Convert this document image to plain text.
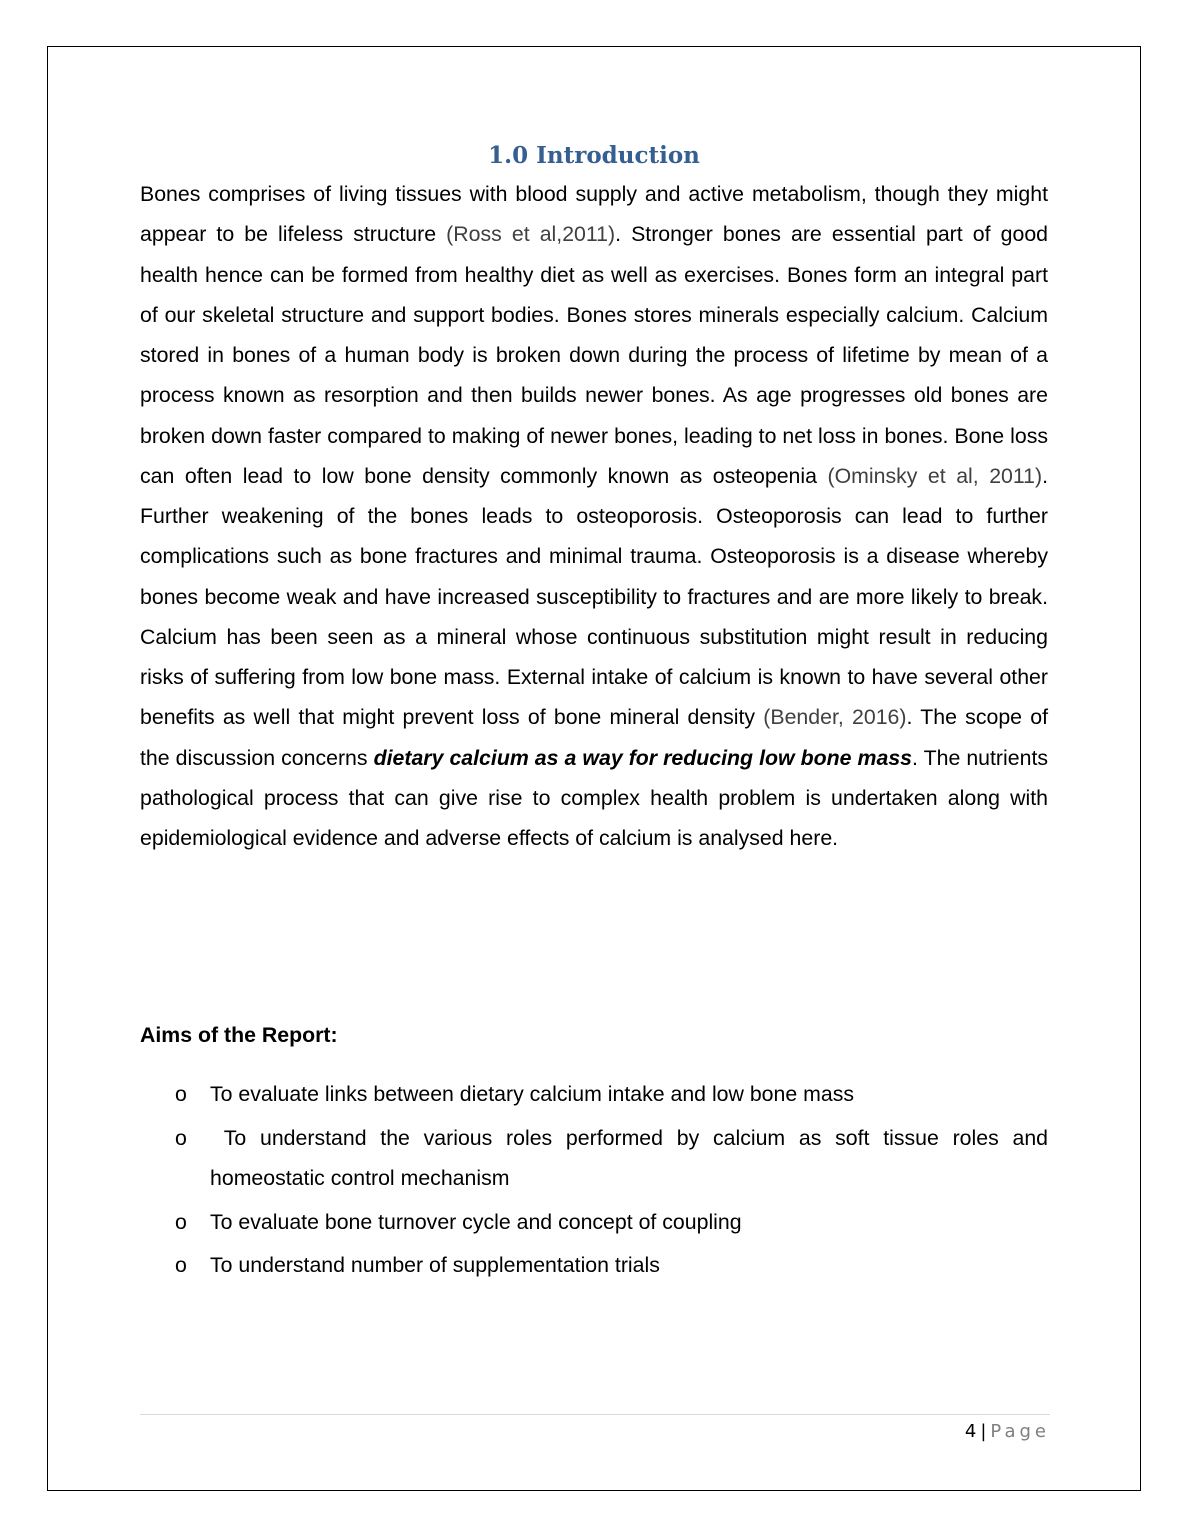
1.0 Introduction

Bones comprises of living tissues with blood supply and active metabolism, though they might appear to be lifeless structure (Ross et al,2011). Stronger bones are essential part of good health hence can be formed from healthy diet as well as exercises. Bones form an integral part of our skeletal structure and support bodies. Bones stores minerals especially calcium. Calcium stored in bones of a human body is broken down during the process of lifetime by mean of a process known as resorption and then builds newer bones. As age progresses old bones are broken down faster compared to making of newer bones, leading to net loss in bones. Bone loss can often lead to low bone density commonly known as osteopenia (Ominsky et al, 2011). Further weakening of the bones leads to osteoporosis. Osteoporosis can lead to further complications such as bone fractures and minimal trauma. Osteoporosis is a disease whereby bones become weak and have increased susceptibility to fractures and are more likely to break. Calcium has been seen as a mineral whose continuous substitution might result in reducing risks of suffering from low bone mass. External intake of calcium is known to have several other benefits as well that might prevent loss of bone mineral density (Bender, 2016). The scope of the discussion concerns dietary calcium as a way for reducing low bone mass. The nutrients pathological process that can give rise to complex health problem is undertaken along with epidemiological evidence and adverse effects of calcium is analysed here.

Aims of the Report:
o To evaluate links between dietary calcium intake and low bone mass
o To understand the various roles performed by calcium as soft tissue roles and homeostatic control mechanism
o To evaluate bone turnover cycle and concept of coupling
o To understand number of supplementation trials
4 | Page
